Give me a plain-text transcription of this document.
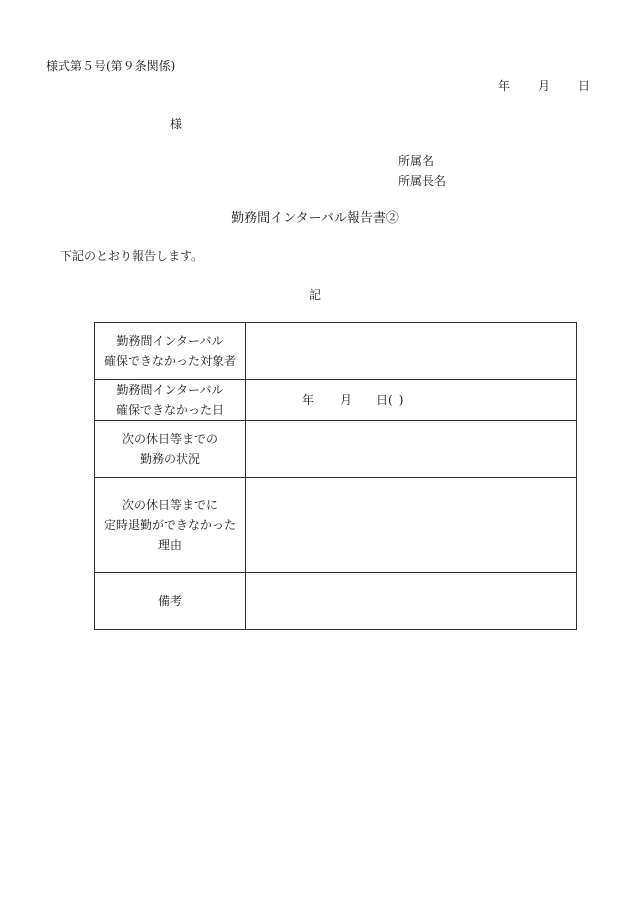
様式第５号(第９条関係)
年 月 日
様
所属名
所属長名
勤務間インターバル報告書②
下記のとおり報告します。
記
勤務間インターバル
確保できなかった対象者	

勤務間インターバル
確保できなかった日	年 月 日( )

次の休日等までの
勤務の状況	

次の休日等までに
定時退勤ができなかった
理由	

備考	
